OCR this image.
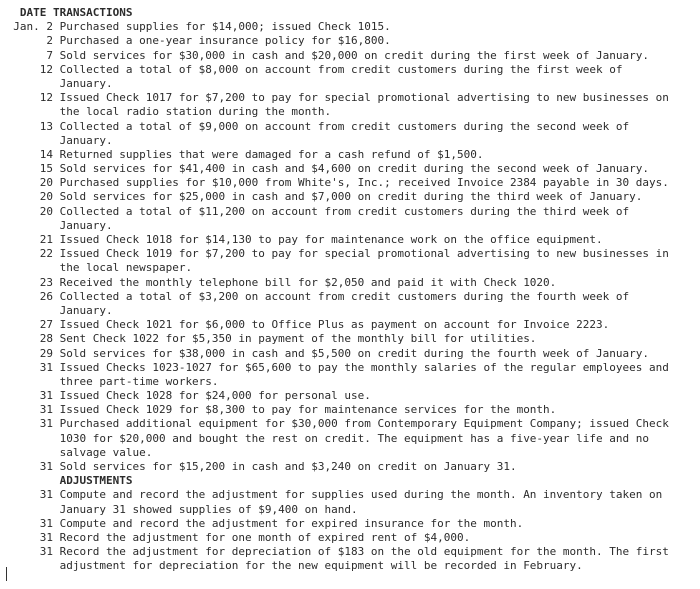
DATE TRANSACTIONS
Jan. 2 Purchased supplies for $14,000; issued Check 1015.
2 Purchased a one-year insurance policy for $16,800.
7 Sold services for $30,000 in cash and $20,000 on credit during the first week of January.
12 Collected a total of $8,000 on account from credit customers during the first week of
January.
12 Issued Check 1017 for $7,200 to pay for special promotional advertising to new businesses on
the local radio station during the month.
13 Collected a total of $9,000 on account from credit customers during the second week of
January.
14 Returned supplies that were damaged for a cash refund of $1,500.
15 Sold services for $41,400 in cash and $4,600 on credit during the second week of January.
20 Purchased supplies for $10,000 from White's, Inc.; received Invoice 2384 payable in 30 days.
20 Sold services for $25,000 in cash and $7,000 on credit during the third week of January.
20 Collected a total of $11,200 on account from credit customers during the third week of
January.
21 Issued Check 1018 for $14,130 to pay for maintenance work on the office equipment.
22 Issued Check 1019 for $7,200 to pay for special promotional advertising to new businesses in
the local newspaper.
23 Received the monthly telephone bill for $2,050 and paid it with Check 1020.
26 Collected a total of $3,200 on account from credit customers during the fourth week of
January.
27 Issued Check 1021 for $6,000 to Office Plus as payment on account for Invoice 2223.
28 Sent Check 1022 for $5,350 in payment of the monthly bill for utilities.
29 Sold services for $38,000 in cash and $5,500 on credit during the fourth week of January.
31 Issued Checks 1023-1027 for $65,600 to pay the monthly salaries of the regular employees and
three part-time workers.
31 Issued Check 1028 for $24,000 for personal use.
31 Issued Check 1029 for $8,300 to pay for maintenance services for the month.
31 Purchased additional equipment for $30,000 from Contemporary Equipment Company; issued Check
1030 for $20,000 and bought the rest on credit. The equipment has a five-year life and no
salvage value.
31 Sold services for $15,200 in cash and $3,240 on credit on January 31.
ADJUSTMENTS
31 Compute and record the adjustment for supplies used during the month. An inventory taken on
January 31 showed supplies of $9,400 on hand.
31 Compute and record the adjustment for expired insurance for the month.
31 Record the adjustment for one month of expired rent of $4,000.
31 Record the adjustment for depreciation of $183 on the old equipment for the month. The first
adjustment for depreciation for the new equipment will be recorded in February.
